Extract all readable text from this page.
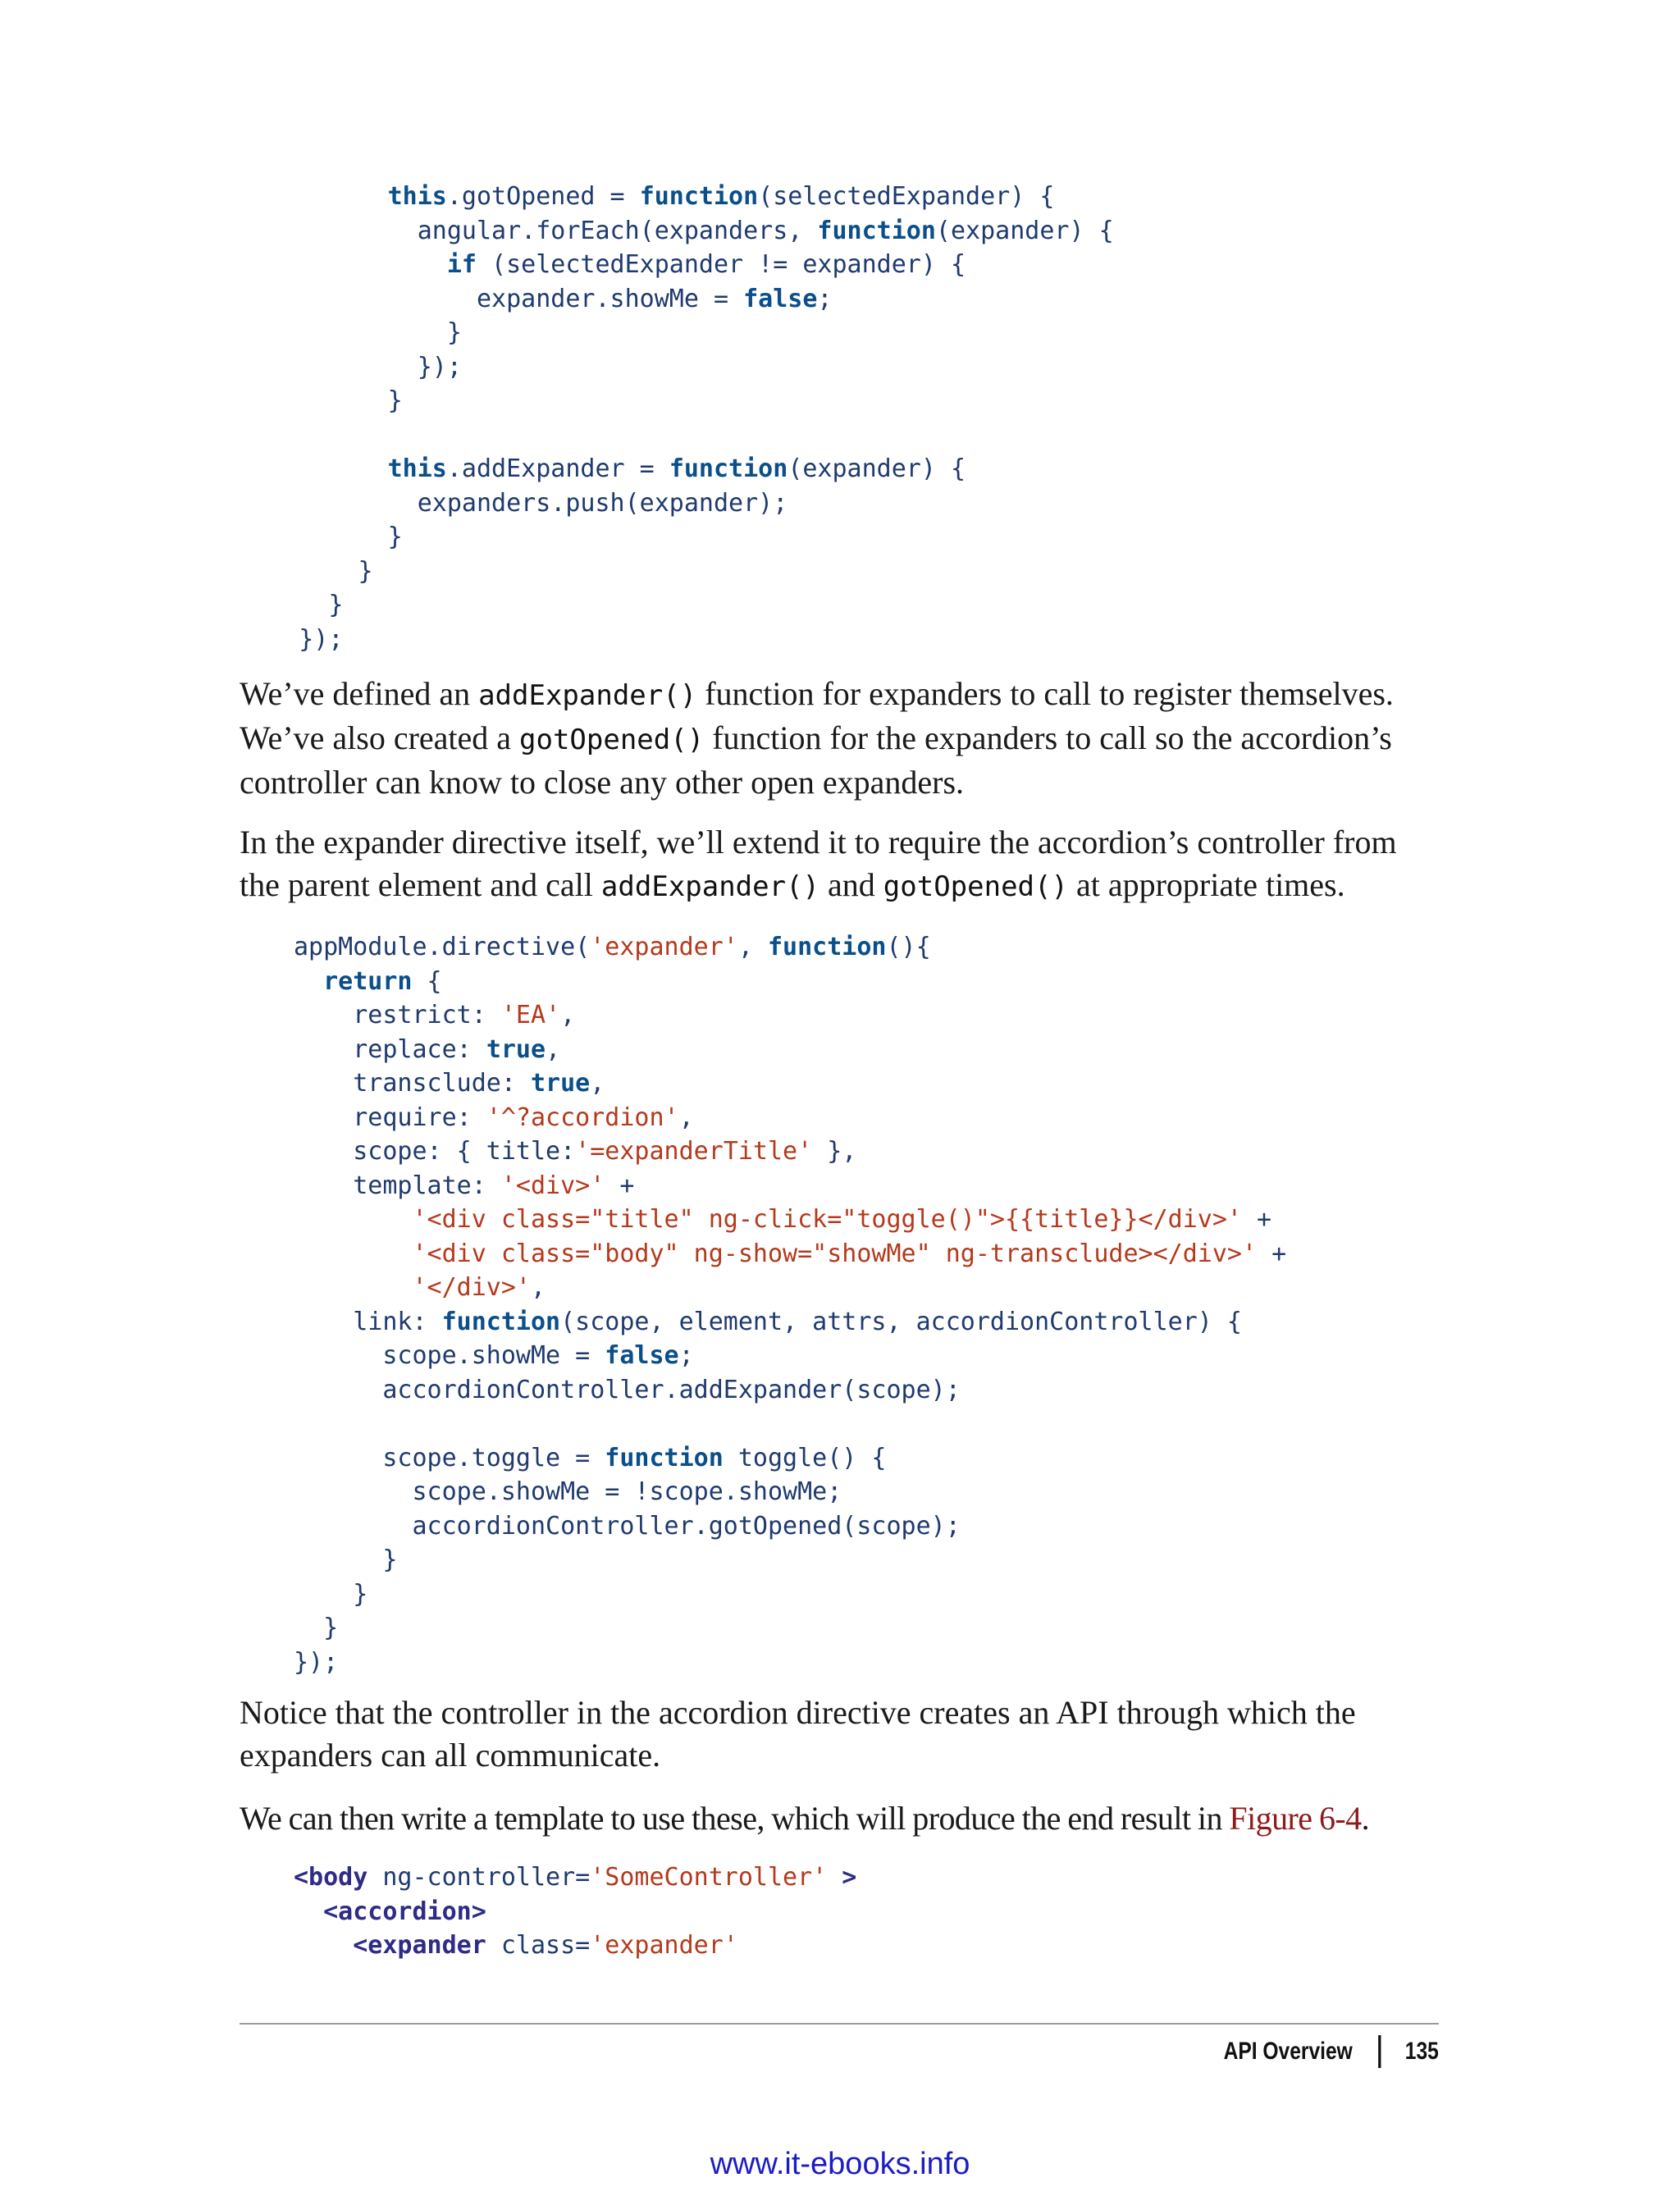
this.gotOpened = function(selectedExpander) {
angular.forEach(expanders, function(expander) {
if (selectedExpander != expander) {
expander.showMe = false;
}
});
}
this.addExpander = function(expander) {
expanders.push(expander);
}
}
}
});

We’ve defined an addExpander() function for expanders to call to register themselves. We’ve also created a gotOpened() function for the expanders to call so the accordion’s controller can know to close any other open expanders.

In the expander directive itself, we’ll extend it to require the accordion’s controller from the parent element and call addExpander() and gotOpened() at appropriate times.

appModule.directive('expander', function(){
return {
restrict: 'EA',
replace: true,
transclude: true,
require: '^?accordion',
scope: { title:'=expanderTitle' },
template: '<div>' +
'<div class="title" ng-click="toggle()">{{title}}</div>' +
'<div class="body" ng-show="showMe" ng-transclude></div>' +
'</div>',
link: function(scope, element, attrs, accordionController) {
scope.showMe = false;
accordionController.addExpander(scope);
scope.toggle = function toggle() {
scope.showMe = !scope.showMe;
accordionController.gotOpened(scope);
}
}
}
});

Notice that the controller in the accordion directive creates an API through which the expanders can all communicate.

We can then write a template to use these, which will produce the end result in Figure 6-4.

<body ng-controller='SomeController' >
<accordion>
<expander class='expander'
API Overview 135
www.it-ebooks.info
